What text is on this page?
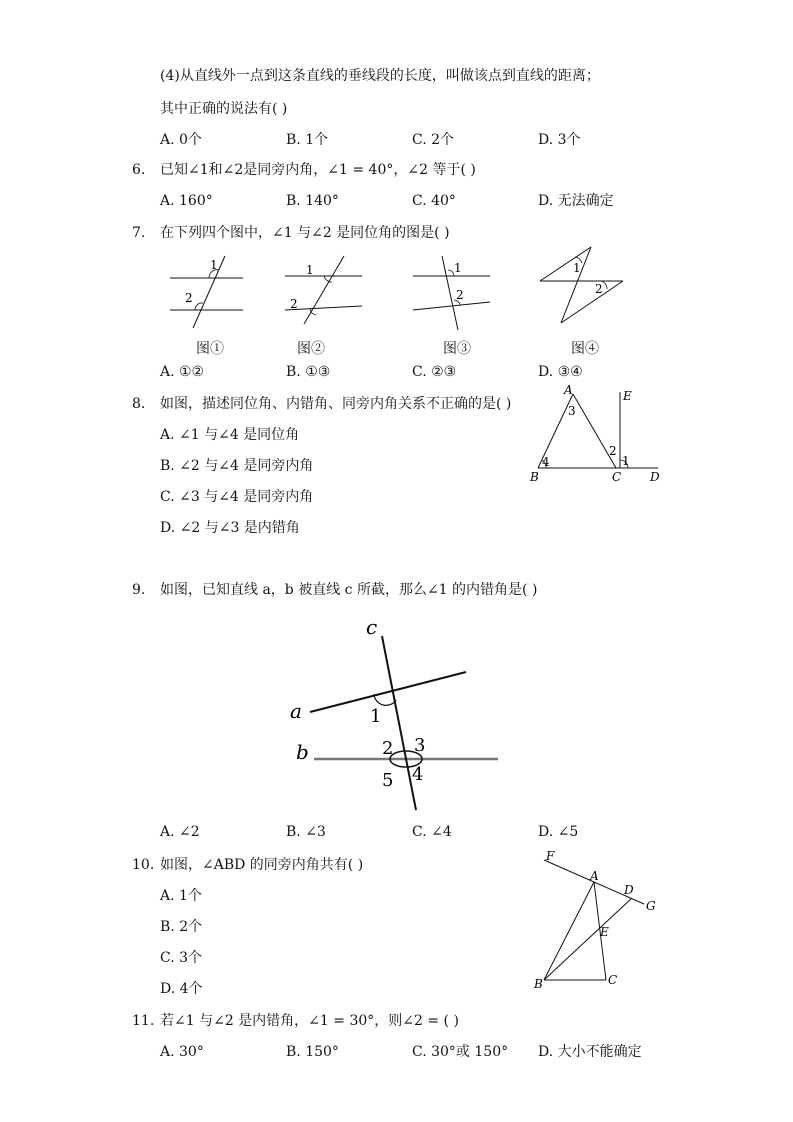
(4)从直线外一点到这条直线的垂线段的长度，叫做该点到直线的距离；
其中正确的说法有( )
A. 0个	B. 1个	C. 2个	D. 3个
6. 已知∠1和∠2是同旁内角，∠1 = 40°，∠2 等于( )
A. 160°	B. 140°	C. 40°	D. 无法确定
7. 在下列四个图中，∠1 与∠2 是同位角的图是( )
1
2
1
2
1
2
1
2
图①	图②	图③	图④
A. ①②	B. ①③	C. ②③	D. ③④
8. 如图，描述同位角、内错角、同旁内角关系不正确的是( )
A. ∠1 与∠4 是同位角
B. ∠2 与∠4 是同旁内角
C. ∠3 与∠4 是同旁内角
D. ∠2 与∠3 是内错角
A
B	C D
E
3
2
1
4
9. 如图，已知直线 a，b 被直线 c 所截，那么∠1 的内错角是( )
c
a
b
1
2 3
4
5
A. ∠2	B. ∠3	C. ∠4	D. ∠5
10. 如图，∠ABD 的同旁内角共有( )
A. 1个
B. 2个
C. 3个
D. 4个
F
A
D
G
E
B	C
11. 若∠1 与∠2 是内错角，∠1 = 30°，则∠2 = ( )
A. 30°	B. 150°	C. 30°或 150° D. 大小不能确定
